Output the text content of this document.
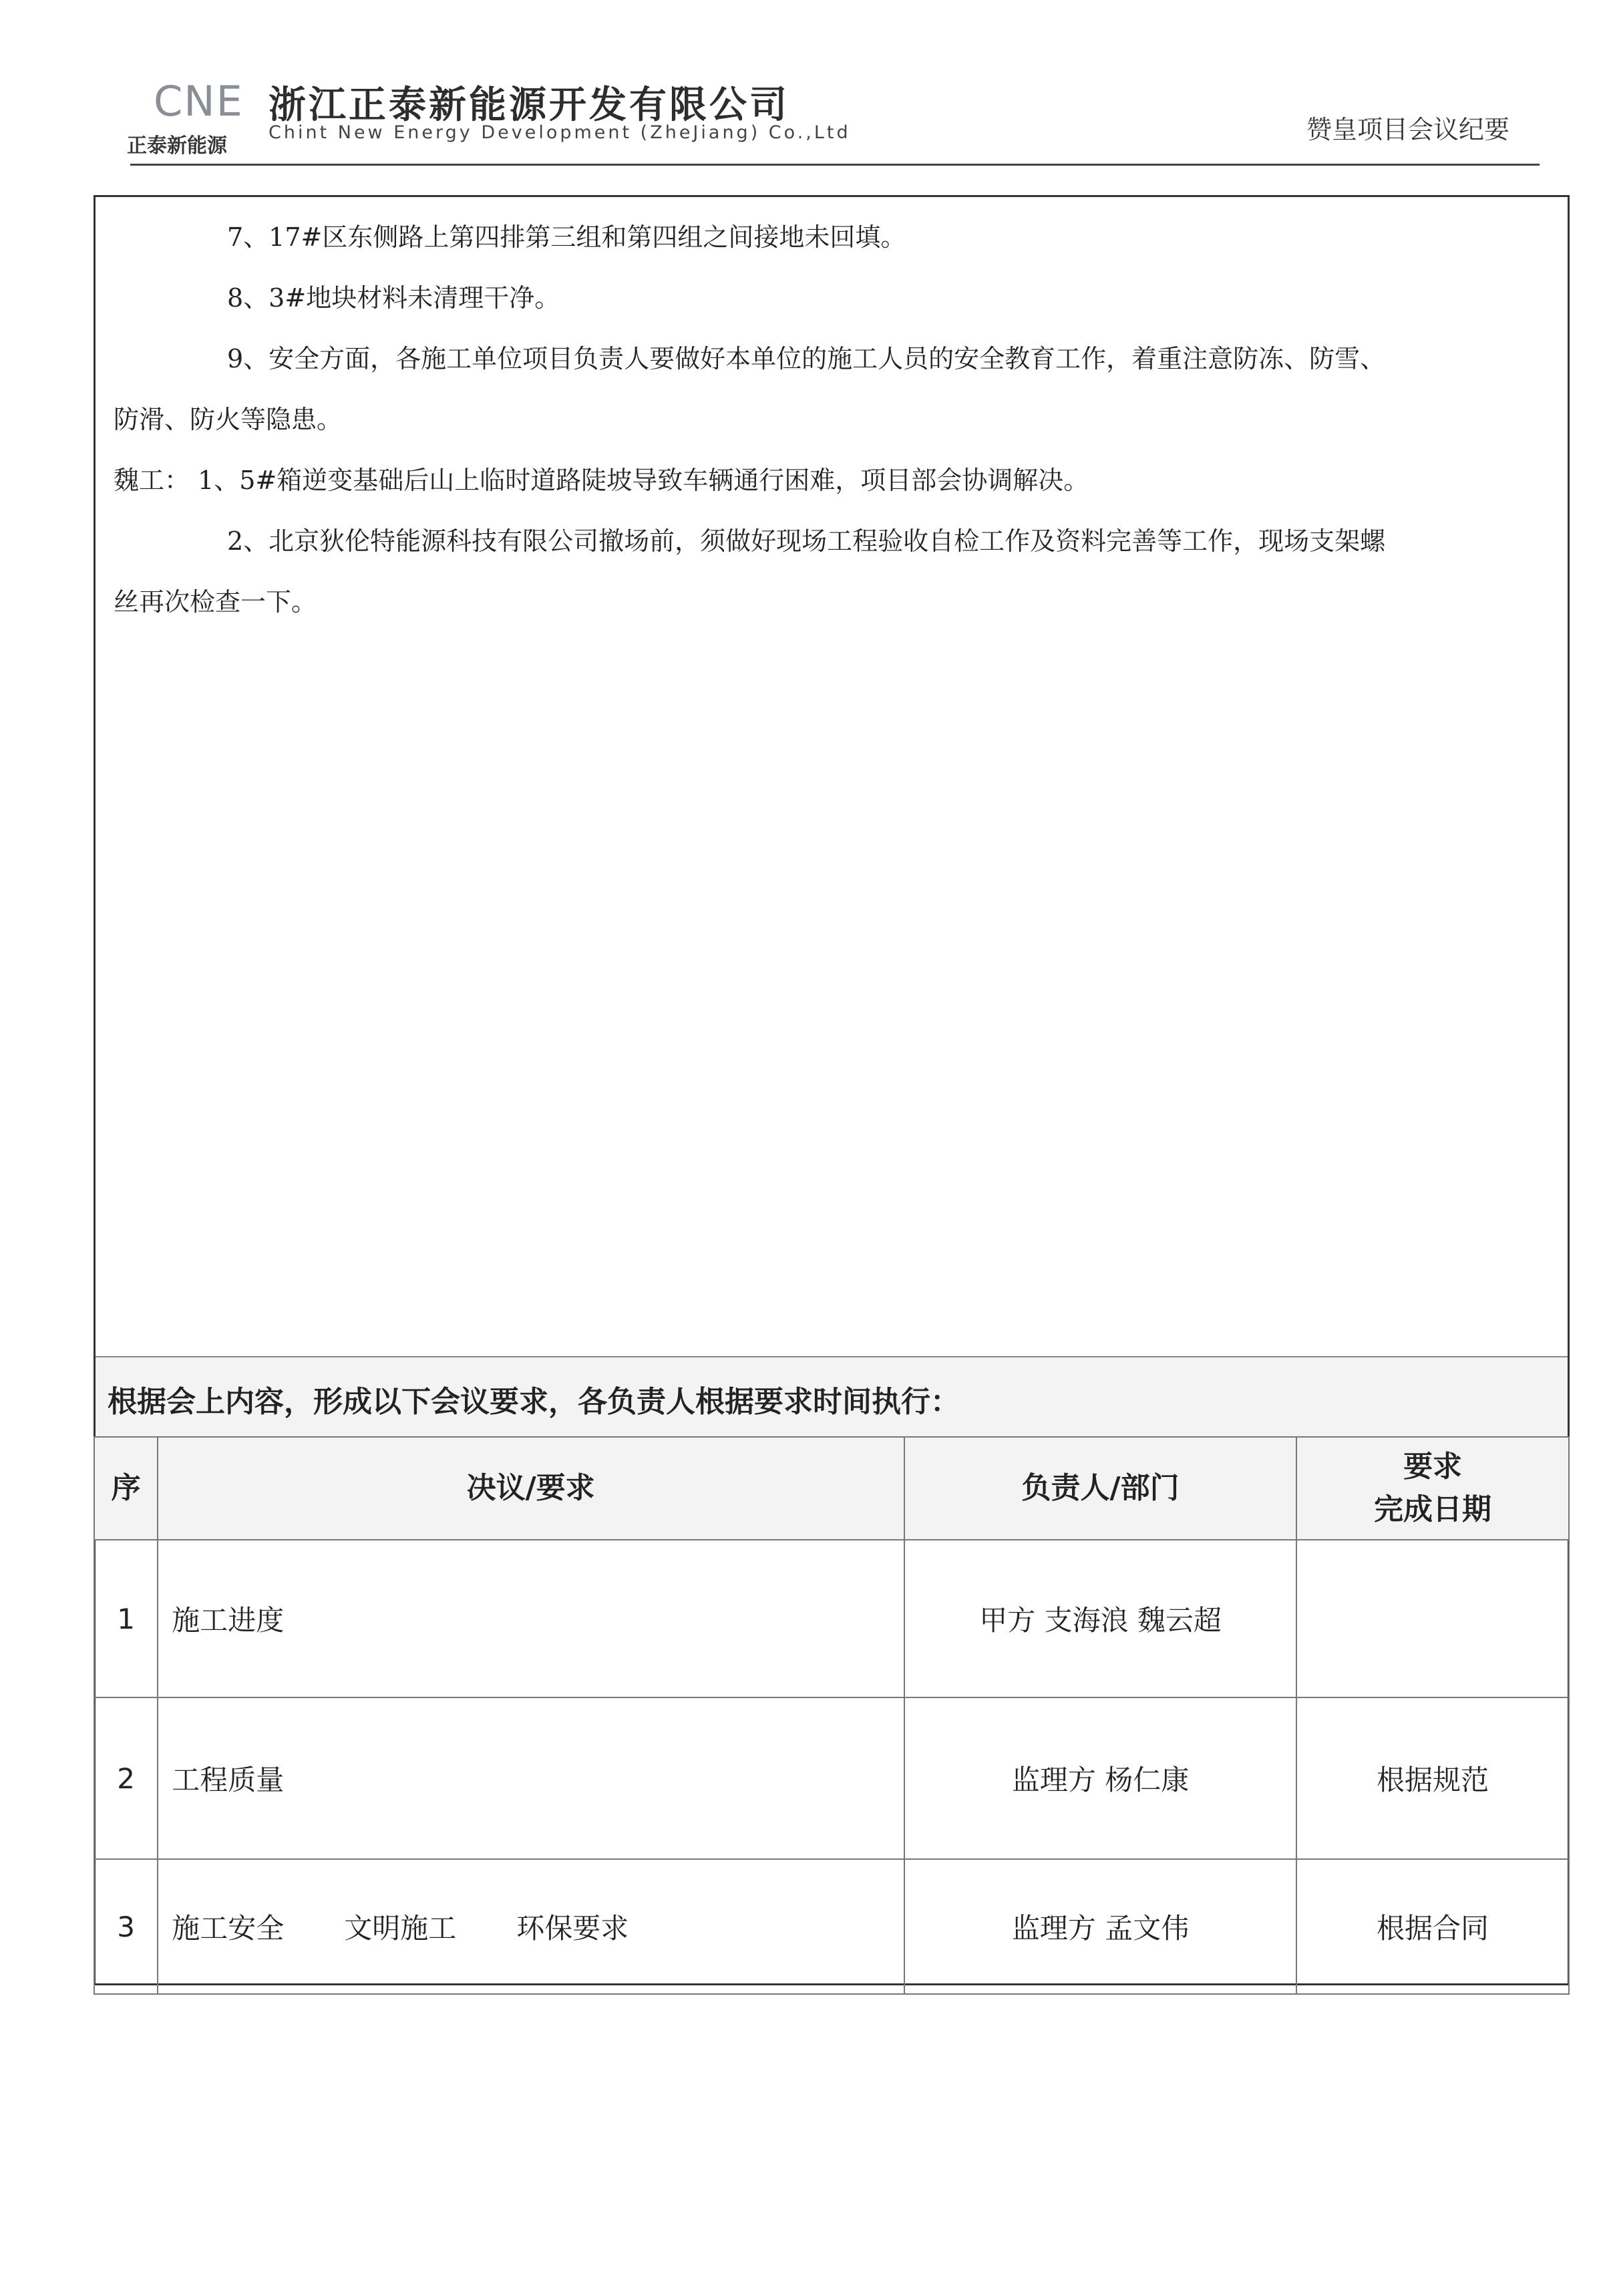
CNE
正泰新能源
浙江正泰新能源开发有限公司
Chint New Energy Development (ZheJiang) Co.,Ltd	赞皇项目会议纪要

7、17#区东侧路上第四排第三组和第四组之间接地未回填。

8、3#地块材料未清理干净。

9、安全方面，各施工单位项目负责人要做好本单位的施工人员的安全教育工作，着重注意防冻、防雪、

防滑、防火等隐患。

魏工： 1、5#箱逆变基础后山上临时道路陡坡导致车辆通行困难，项目部会协调解决。

2、北京狄伦特能源科技有限公司撤场前，须做好现场工程验收自检工作及资料完善等工作，现场支架螺

丝再次检查一下。

根据会上内容，形成以下会议要求，各负责人根据要求时间执行：
序	决议/要求	负责人/部门	要求
完成日期

1	施工进度	甲方 支海浪 魏云超	
2	工程质量	监理方 杨仁康	根据规范
3	施工安全 文明施工 环保要求	监理方 孟文伟	根据合同
